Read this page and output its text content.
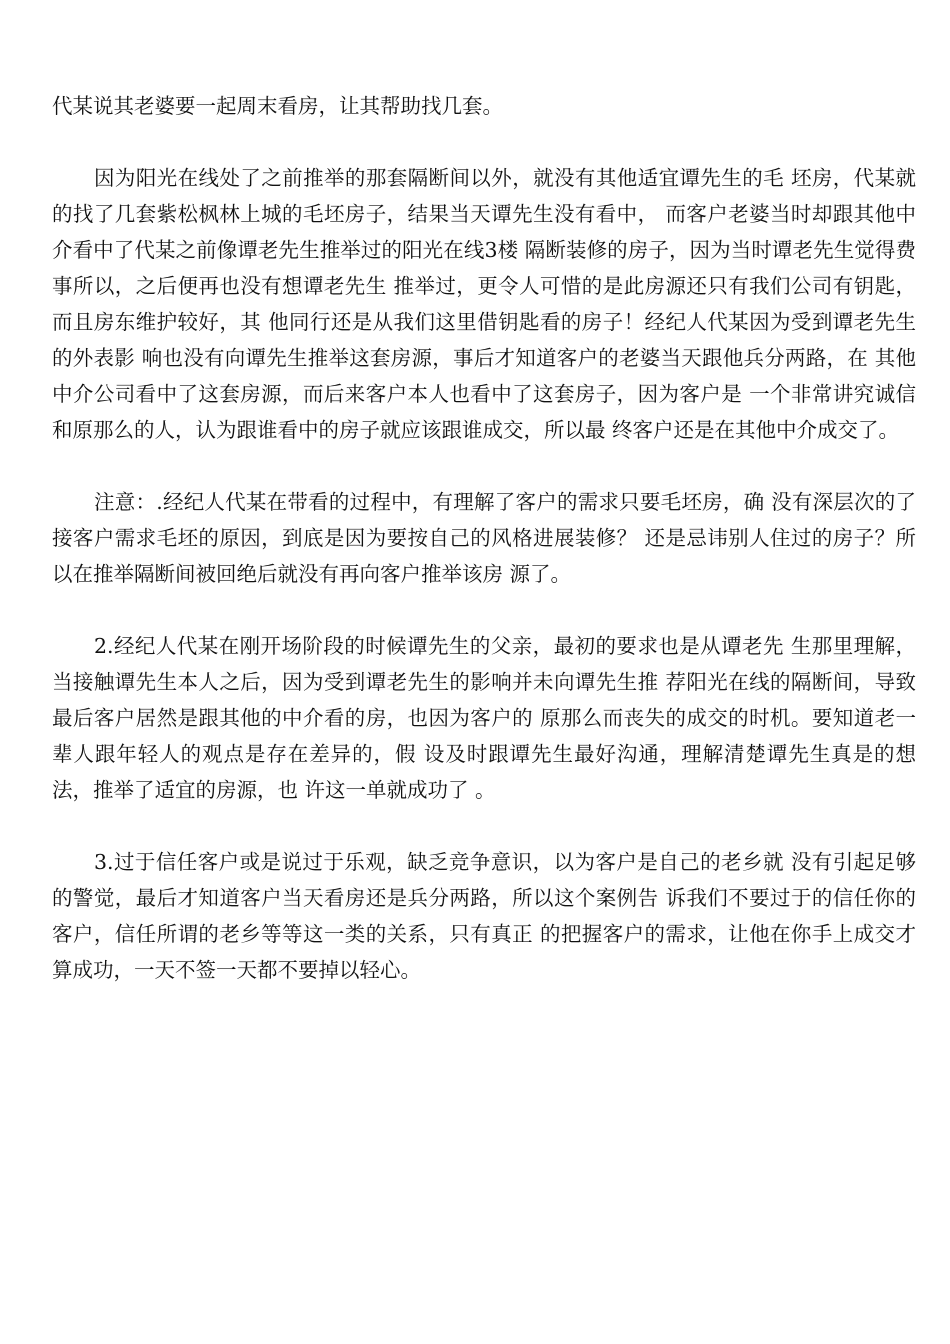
代某说其老婆要一起周末看房，让其帮助找几套。

因为阳光在线处了之前推举的那套隔断间以外，就没有其他适宜谭先生的毛 坯房，代某就的找了几套紫松枫林上城的毛坯房子，结果当天谭先生没有看中， 而客户老婆当时却跟其他中介看中了代某之前像谭老先生推举过的阳光在线3楼 隔断装修的房子，因为当时谭老先生觉得费事所以，之后便再也没有想谭老先生 推举过，更令人可惜的是此房源还只有我们公司有钥匙，而且房东维护较好，其 他同行还是从我们这里借钥匙看的房子！经纪人代某因为受到谭老先生的外表影 响也没有向谭先生推举这套房源，事后才知道客户的老婆当天跟他兵分两路，在 其他中介公司看中了这套房源，而后来客户本人也看中了这套房子，因为客户是 一个非常讲究诚信和原那么的人，认为跟谁看中的房子就应该跟谁成交，所以最 终客户还是在其他中介成交了。

注意：.经纪人代某在带看的过程中，有理解了客户的需求只要毛坯房，确 没有深层次的了接客户需求毛坯的原因，到底是因为要按自己的风格进展装修？ 还是忌讳别人住过的房子？所以在推举隔断间被回绝后就没有再向客户推举该房 源了。

2.经纪人代某在刚开场阶段的时候谭先生的父亲，最初的要求也是从谭老先 生那里理解，当接触谭先生本人之后，因为受到谭老先生的影响并未向谭先生推 荐阳光在线的隔断间，导致最后客户居然是跟其他的中介看的房，也因为客户的 原那么而丧失的成交的时机。要知道老一辈人跟年轻人的观点是存在差异的，假 设及时跟谭先生最好沟通，理解清楚谭先生真是的想法，推举了适宜的房源，也 许这一单就成功了 。

3.过于信任客户或是说过于乐观，缺乏竞争意识，以为客户是自己的老乡就 没有引起足够的警觉，最后才知道客户当天看房还是兵分两路，所以这个案例告 诉我们不要过于的信任你的客户，信任所谓的老乡等等这一类的关系，只有真正 的把握客户的需求，让他在你手上成交才算成功，一天不签一天都不要掉以轻心。
